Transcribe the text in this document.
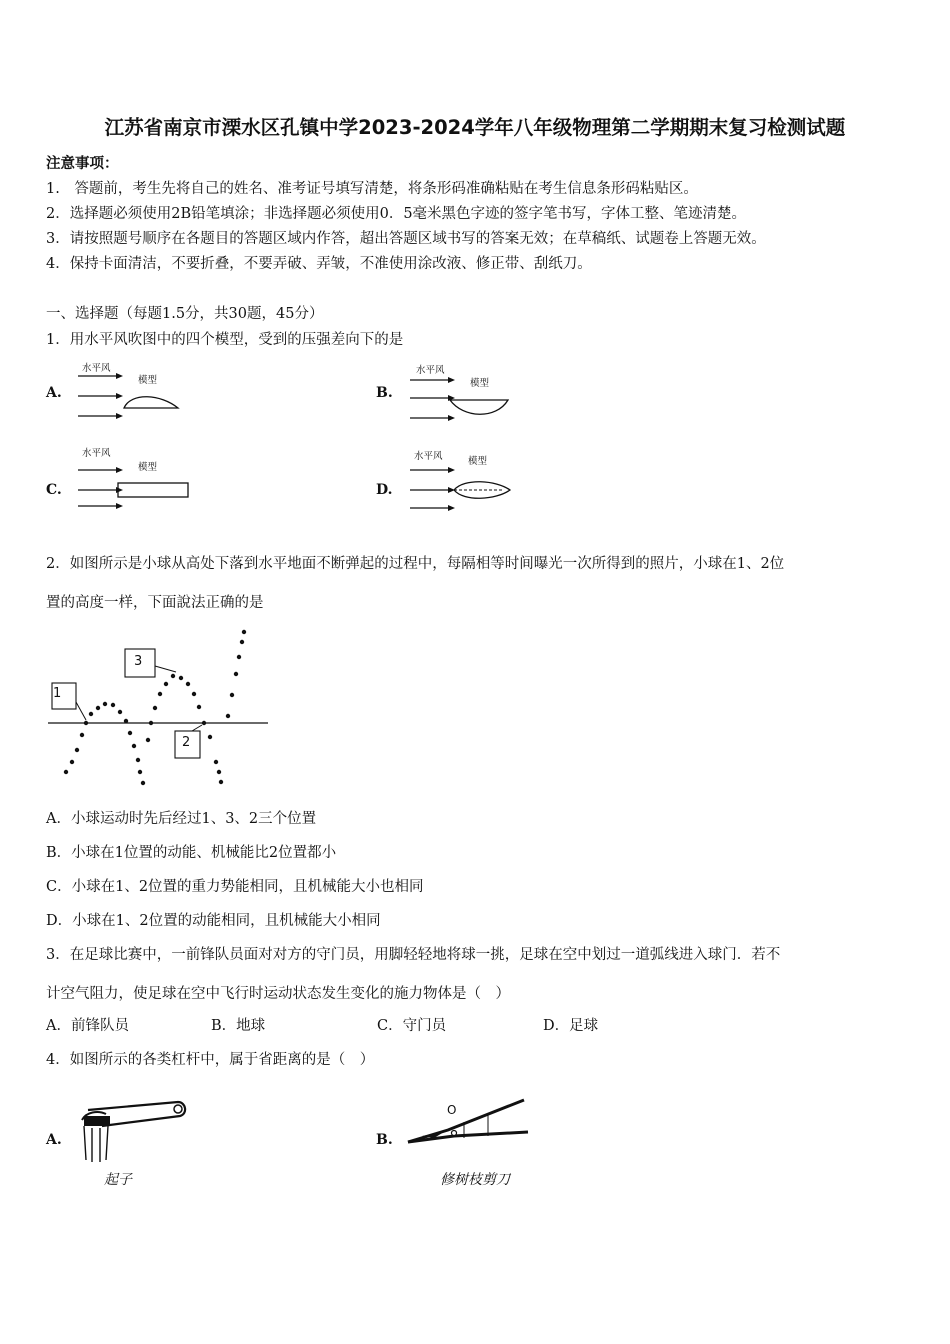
江苏省南京市溧水区孔镇中学2023-2024学年八年级物理第二学期期末复习检测试题
注意事项：
1.　答题前，考生先将自己的姓名、准考证号填写清楚，将条形码准确粘贴在考生信息条形码粘贴区。
2．选择题必须使用2B铅笔填涂；非选择题必须使用0．5毫米黑色字迹的签字笔书写，字体工整、笔迹清楚。
3．请按照题号顺序在各题目的答题区域内作答，超出答题区域书写的答案无效；在草稿纸、试题卷上答题无效。
4．保持卡面清洁，不要折叠，不要弄破、弄皱，不准使用涂改液、修正带、刮纸刀。
一、选择题（每题1.5分，共30题，45分）
1．用水平风吹图中的四个模型，受到的压强差向下的是
A.
水平风
模型
B.
水平风
模型
C.
水平风
模型
D.
水平风	模型
2．如图所示是小球从高处下落到水平地面不断弹起的过程中，每隔相等时间曝光一次所得到的照片，小球在1、2位
置的高度一样，下面說法正确的是
1
2
3
A．小球运动时先后经过1、3、2三个位置
B．小球在1位置的动能、机械能比2位置都小
C．小球在1、2位置的重力势能相同，且机械能大小也相同
D．小球在1、2位置的动能相同，且机械能大小相同
3．在足球比赛中，一前锋队员面对对方的守门员，用脚轻轻地将球一挑，足球在空中划过一道弧线进入球门．若不
计空气阻力，使足球在空中飞行时运动状态发生变化的施力物体是（　）
A．前锋队员	B．地球	C．守门员	D．足球
4．如图所示的各类杠杆中，属于省距离的是（　）
A.
起子
B.
O
修树枝剪刀
